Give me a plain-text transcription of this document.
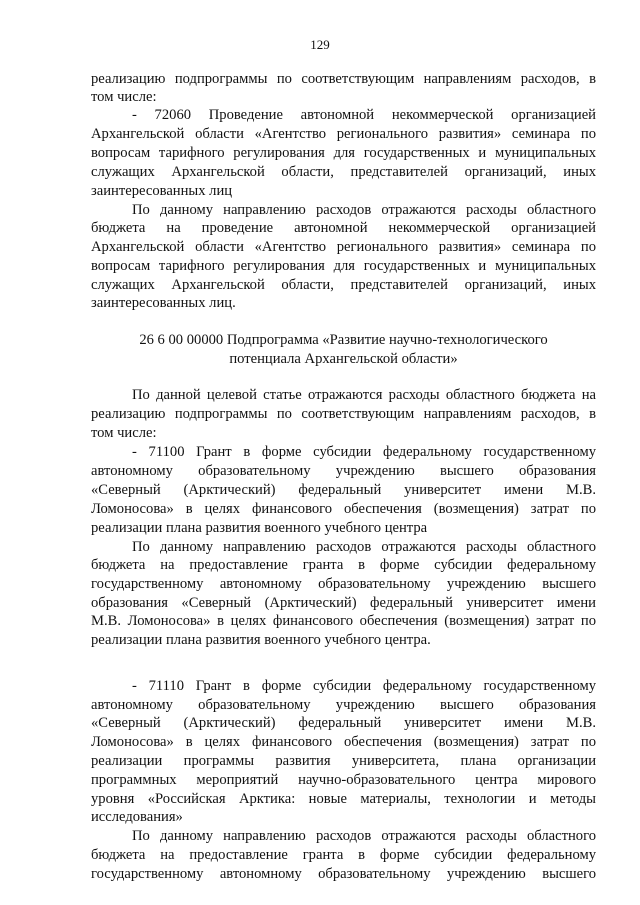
129
реализацию подпрограммы по соответствующим направлениям расходов, в
том числе:
- 72060 Проведение автономной некоммерческой организацией
Архангельской области «Агентство регионального развития» семинара по
вопросам тарифного регулирования для государственных и муниципальных
служащих Архангельской области, представителей организаций, иных
заинтересованных лиц
По данному направлению расходов отражаются расходы областного
бюджета на проведение автономной некоммерческой организацией
Архангельской области «Агентство регионального развития» семинара по
вопросам тарифного регулирования для государственных и муниципальных
служащих Архангельской области, представителей организаций, иных
заинтересованных лиц.
26 6 00 00000 Подпрограмма «Развитие научно-технологического
потенциала Архангельской области»
По данной целевой статье отражаются расходы областного бюджета на
реализацию подпрограммы по соответствующим направлениям расходов, в
том числе:
- 71100 Грант в форме субсидии федеральному государственному
автономному образовательному учреждению высшего образования
«Северный (Арктический) федеральный университет имени М.В.
Ломоносова» в целях финансового обеспечения (возмещения) затрат по
реализации плана развития военного учебного центра
По данному направлению расходов отражаются расходы областного
бюджета на предоставление гранта в форме субсидии федеральному
государственному автономному образовательному учреждению высшего
образования «Северный (Арктический) федеральный университет имени
М.В. Ломоносова» в целях финансового обеспечения (возмещения) затрат по
реализации плана развития военного учебного центра.
- 71110 Грант в форме субсидии федеральному государственному
автономному образовательному учреждению высшего образования
«Северный (Арктический) федеральный университет имени М.В.
Ломоносова» в целях финансового обеспечения (возмещения) затрат по
реализации программы развития университета, плана организации
программных мероприятий научно-образовательного центра мирового
уровня «Российская Арктика: новые материалы, технологии и методы
исследования»
По данному направлению расходов отражаются расходы областного
бюджета на предоставление гранта в форме субсидии федеральному
государственному автономному образовательному учреждению высшего
